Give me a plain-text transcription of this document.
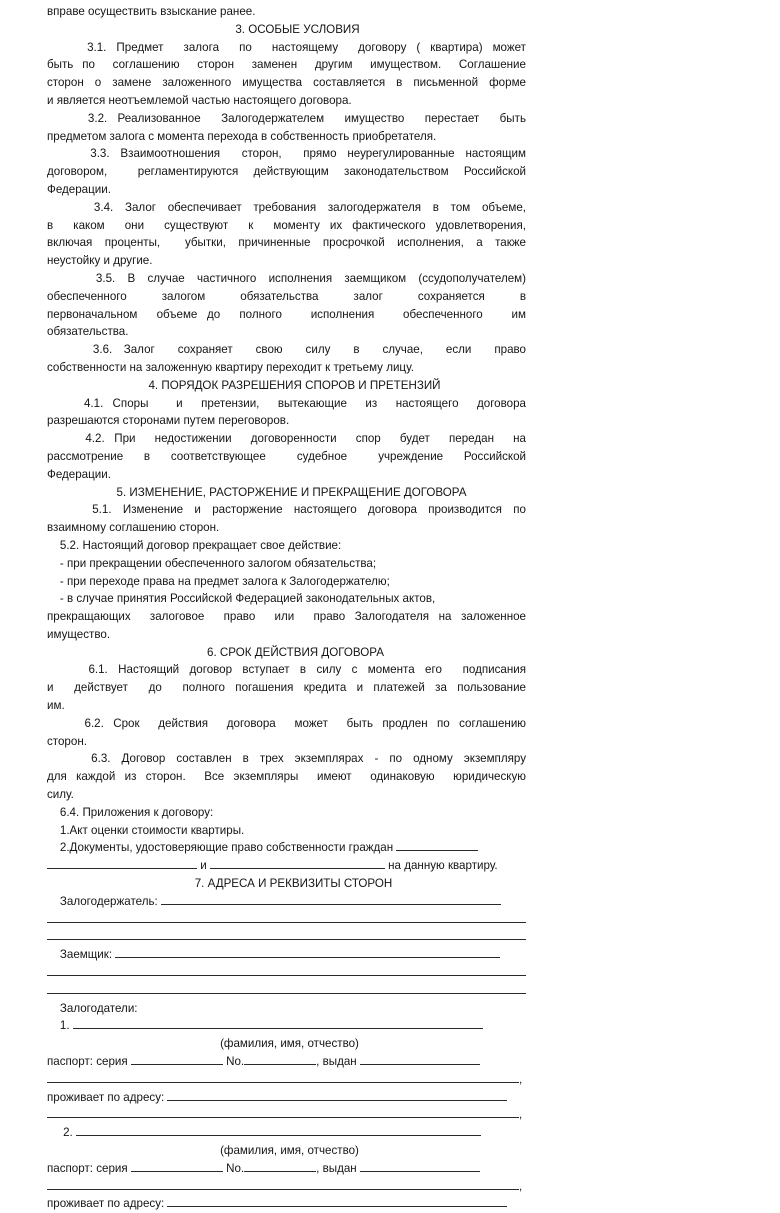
вправе осуществить взыскание ранее.
3. ОСОБЫЕ УСЛОВИЯ
3.1. Предмет  залога  по  настоящему  договору ( квартира) может
быть по  соглашению  сторон  заменен  другим  имуществом.  Соглашение
сторон о замене заложенного имущества составляется в письменной форме
и является неотъемлемой частью настоящего договора.
3.2. Реализованное  Залогодержателем  имущество  перестает  быть
предметом залога с момента перехода в собственность приобретателя.
3.3. Взаимоотношения  сторон,  прямо неурегулированные настоящим
договором,  регламентируются действующим законодательством Российской
Федерации.
3.4. Залог обеспечивает требования залогодержателя в том объеме,
в  каком  они  существуют  к  моменту их фактического удовлетворения,
включая проценты,  убытки, причиненные просрочкой исполнения, а также
неустойку и другие.
3.5. В случае частичного исполнения заемщиком (ссудополучателем)
обеспеченного   залогом   обязательства   залог   сохраняется   в
первоначальном  объеме до  полного   исполнения   обеспеченного   им
обязательства.
3.6. Залог  сохраняет  свою  силу  в  случае,  если  право
собственности на заложенную квартиру переходит к третьему лицу.
4. ПОРЯДОК РАЗРЕШЕНИЯ СПОРОВ И ПРЕТЕНЗИЙ
4.1. Споры   и  претензии,  вытекающие  из  настоящего  договора
разрешаются сторонами путем переговоров.
4.2. При  недостижении  договоренности  спор  будет  передан  на
рассмотрение  в  соответствующее   судебное   учреждение  Российской
Федерации.
5. ИЗМЕНЕНИЕ, РАСТОРЖЕНИЕ И ПРЕКРАЩЕНИЕ ДОГОВОРА
5.1. Изменение и расторжение настоящего договора производится по
взаимному соглашению сторон.
5.2. Настоящий договор прекращает свое действие:
- при прекращении обеспеченного залогом обязательства;
- при переходе права на предмет залога к Залогодержателю;
- в случае принятия Российской Федерацией законодательных актов,
прекращающих  залоговое  право  или  право Залогодателя на заложенное
имущество.
6. СРОК ДЕЙСТВИЯ ДОГОВОРА
6.1. Настоящий договор вступает в силу с момента его  подписания
и  действует  до  полного погашения кредита и платежей за пользование
им.
6.2. Срок  действия  договора  может  быть продлен по соглашению
сторон.
6.3. Договор составлен в трех экземплярах - по одному экземпляру
для каждой из сторон.  Все экземпляры  имеют  одинаковую  юридическую
силу.
6.4. Приложения к договору:
1.Акт оценки стоимости квартиры.
2.Документы, удостоверяющие право собственности граждан
и	на данную квартиру.
7. АДРЕСА И РЕКВИЗИТЫ СТОРОН
Залогодержатель:
Заемщик:
Залогодатели:
1.
(фамилия, имя, отчество)
паспорт: серия	No.	, выдан
,
проживает по адресу:
,
2.
(фамилия, имя, отчество)
паспорт: серия	No.	, выдан
,
проживает по адресу:
